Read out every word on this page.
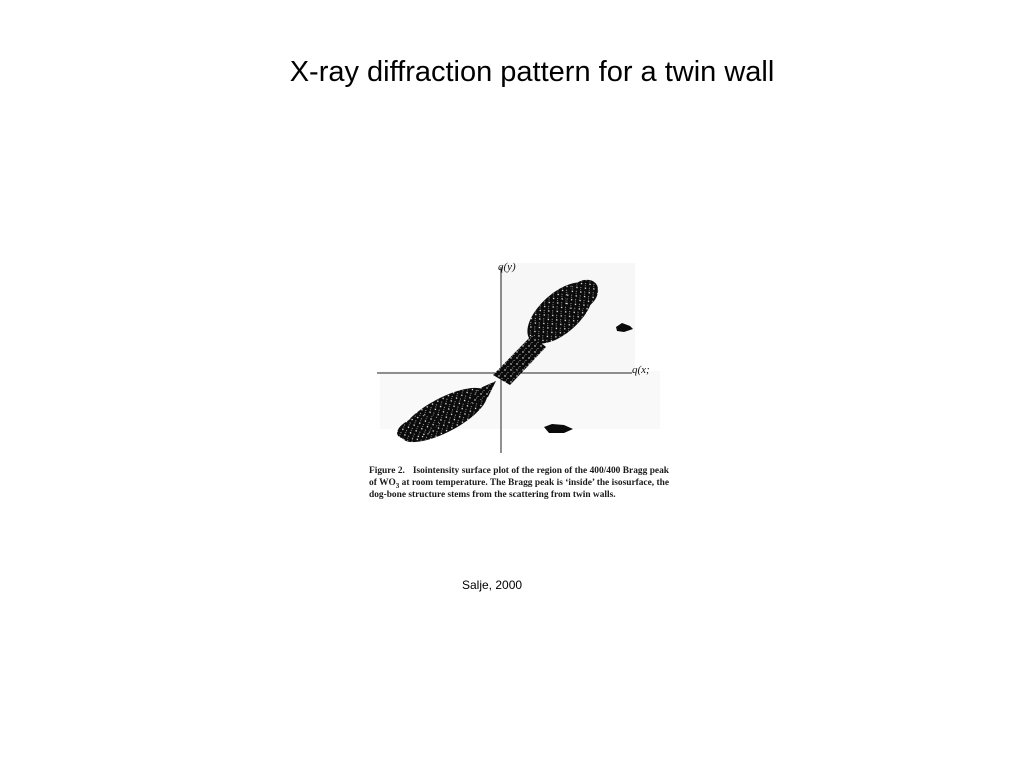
X-ray diffraction pattern for a twin wall
q(y)
q(x;
(x)
Figure 2. Isointensity surface plot of the region of the 400/400 Bragg peak of $WO_3$ at room temperature. The Bragg peak is ‘inside’ the isosurface, the dog-bone structure stems from the scattering from twin walls.
Salje, 2000
